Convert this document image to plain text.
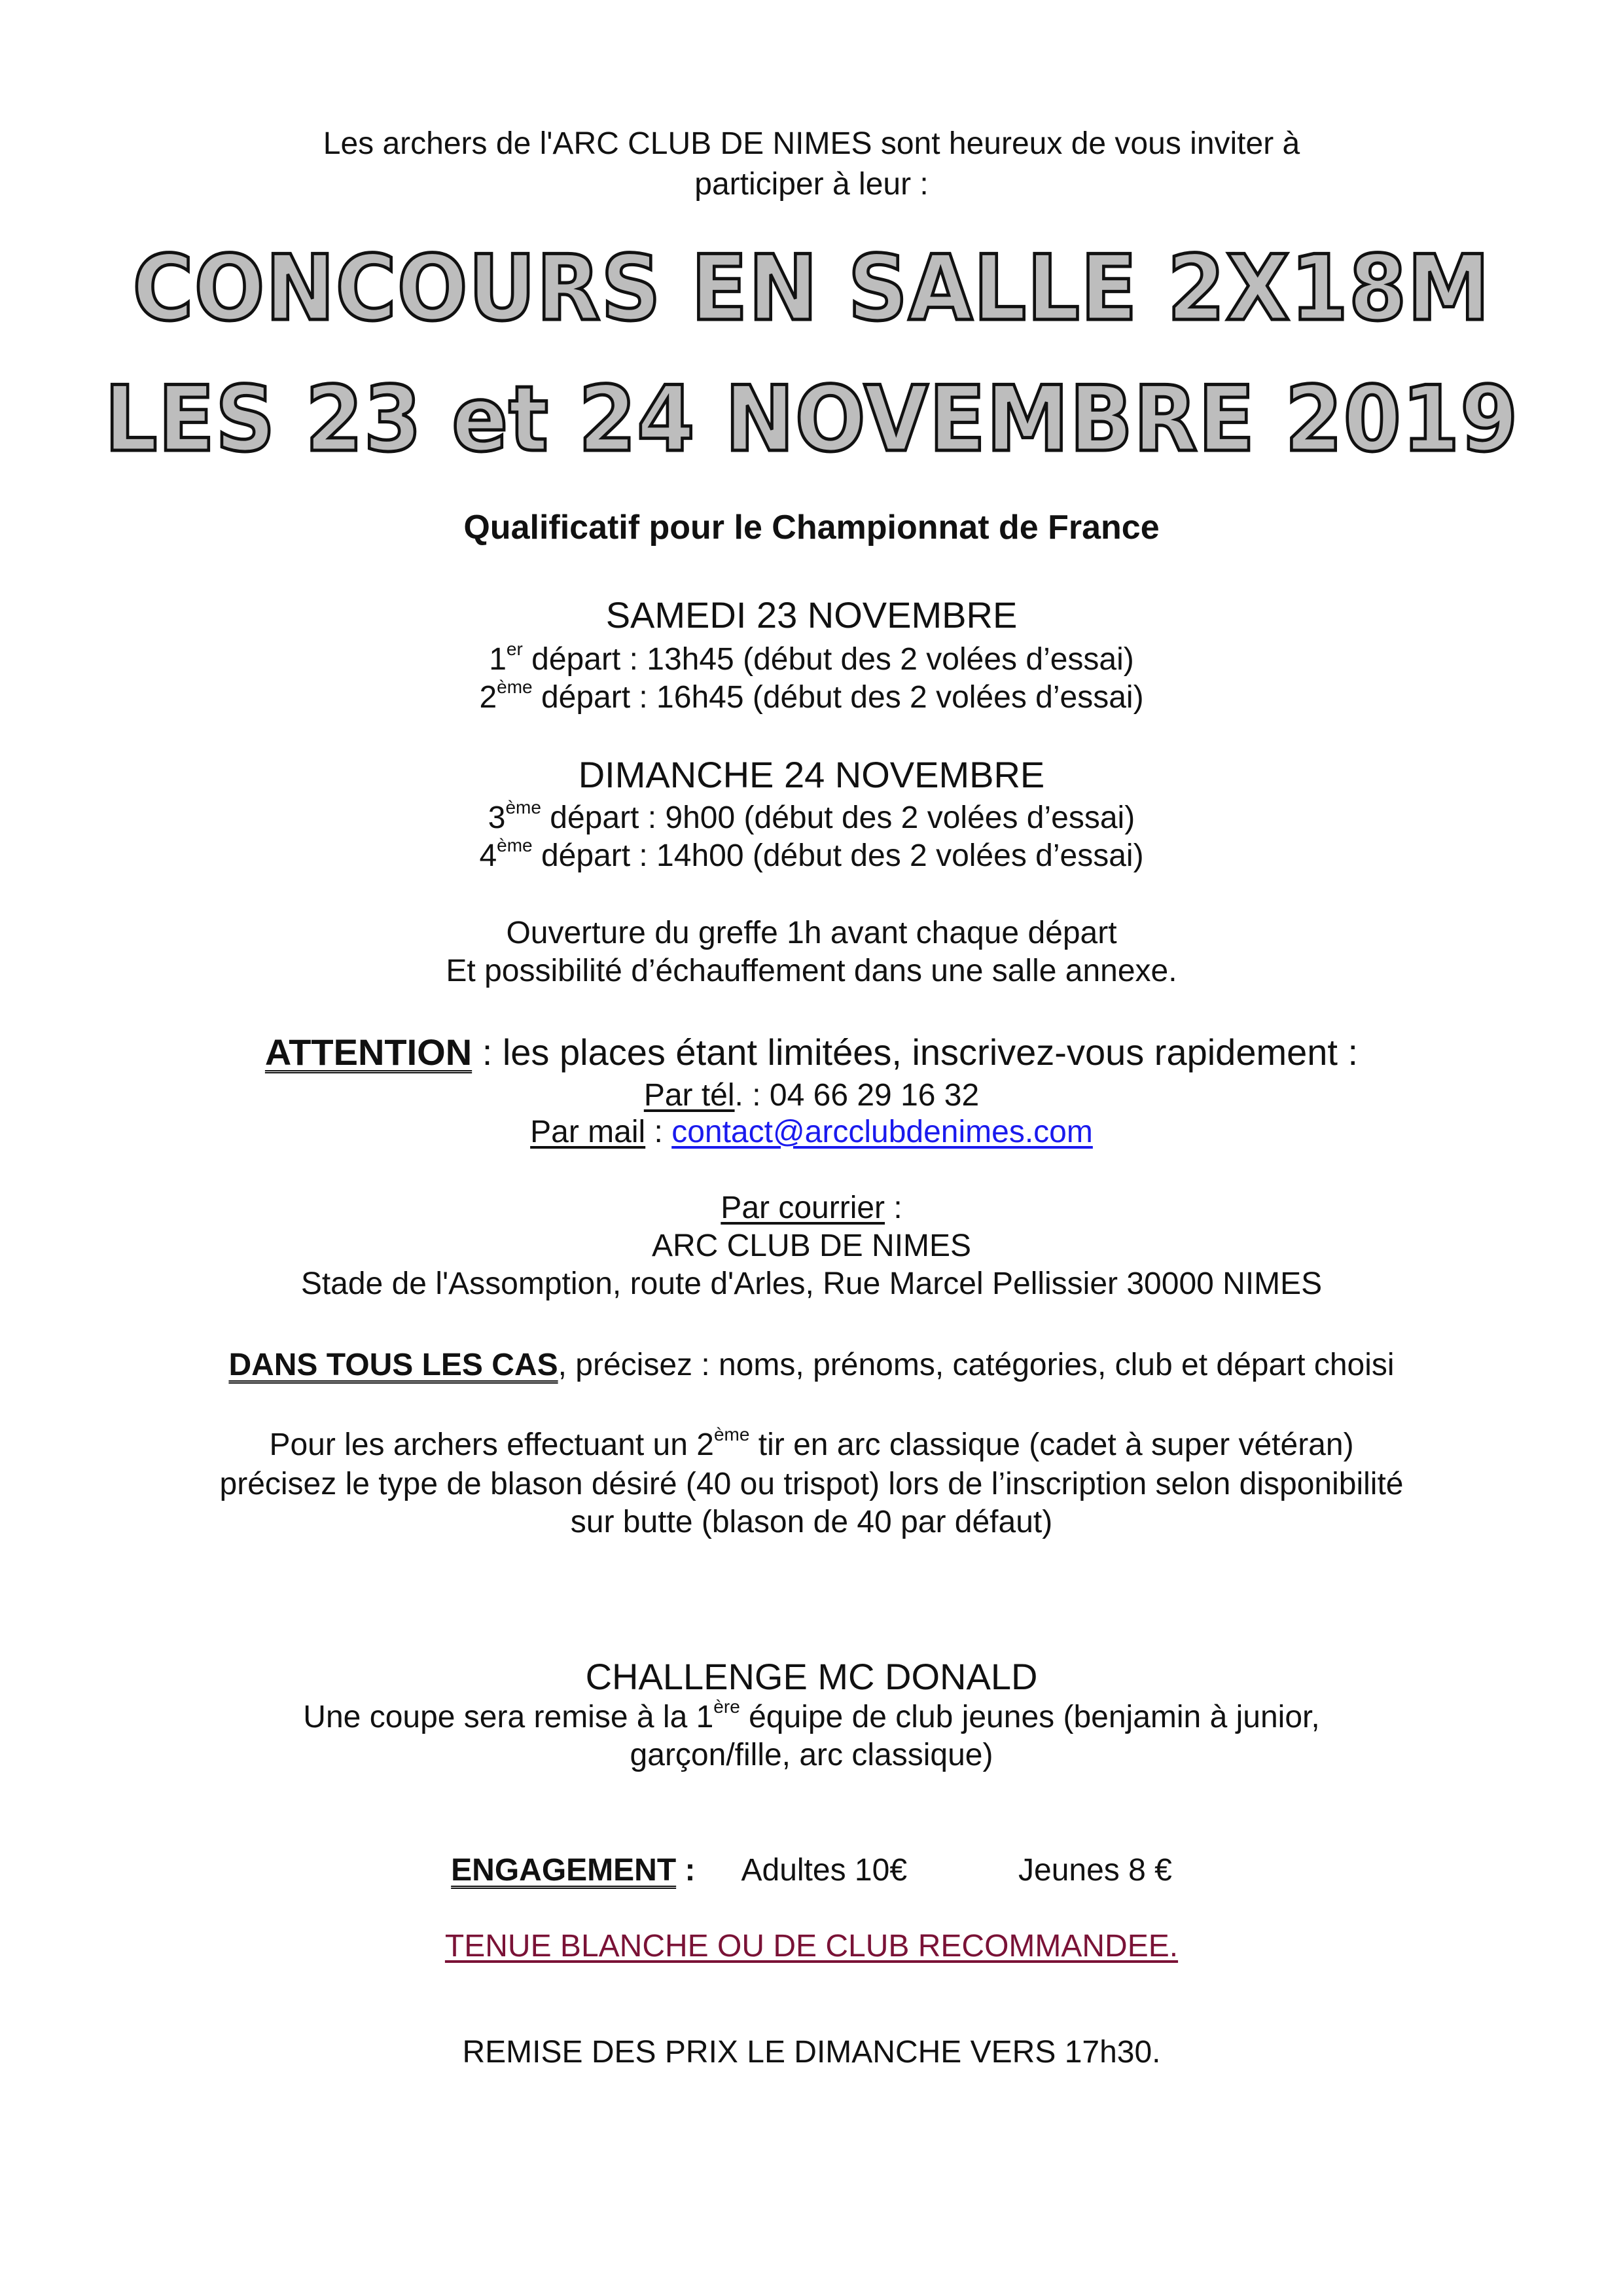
Les archers de l'ARC CLUB DE NIMES sont heureux de vous inviter à
participer à leur :
CONCOURS EN SALLE 2X18M
LES 23 et 24 NOVEMBRE 2019
Qualificatif pour le Championnat de France
SAMEDI 23 NOVEMBRE
1er départ : 13h45 (début des 2 volées d’essai)
2ème départ : 16h45 (début des 2 volées d’essai)
DIMANCHE 24 NOVEMBRE
3ème départ : 9h00 (début des 2 volées d’essai)
4ème départ : 14h00 (début des 2 volées d’essai)
Ouverture du greffe 1h avant chaque départ
Et possibilité d’échauffement dans une salle annexe.
ATTENTION : les places étant limitées, inscrivez-vous rapidement :
Par tél. : 04 66 29 16 32
Par mail : contact@arcclubdenimes.com
Par courrier :
ARC CLUB DE NIMES
Stade de l'Assomption, route d'Arles, Rue Marcel Pellissier 30000 NIMES
DANS TOUS LES CAS, précisez : noms, prénoms, catégories, club et départ choisi
Pour les archers effectuant un 2ème tir en arc classique (cadet à super vétéran)
précisez le type de blason désiré (40 ou trispot) lors de l’inscription selon disponibilité
sur butte (blason de 40 par défaut)
CHALLENGE MC DONALD
Une coupe sera remise à la 1ère équipe de club jeunes (benjamin à junior,
garçon/fille, arc classique)
ENGAGEMENT : Adultes 10€	Jeunes 8 €
TENUE BLANCHE OU DE CLUB RECOMMANDEE.
REMISE DES PRIX LE DIMANCHE VERS 17h30.
